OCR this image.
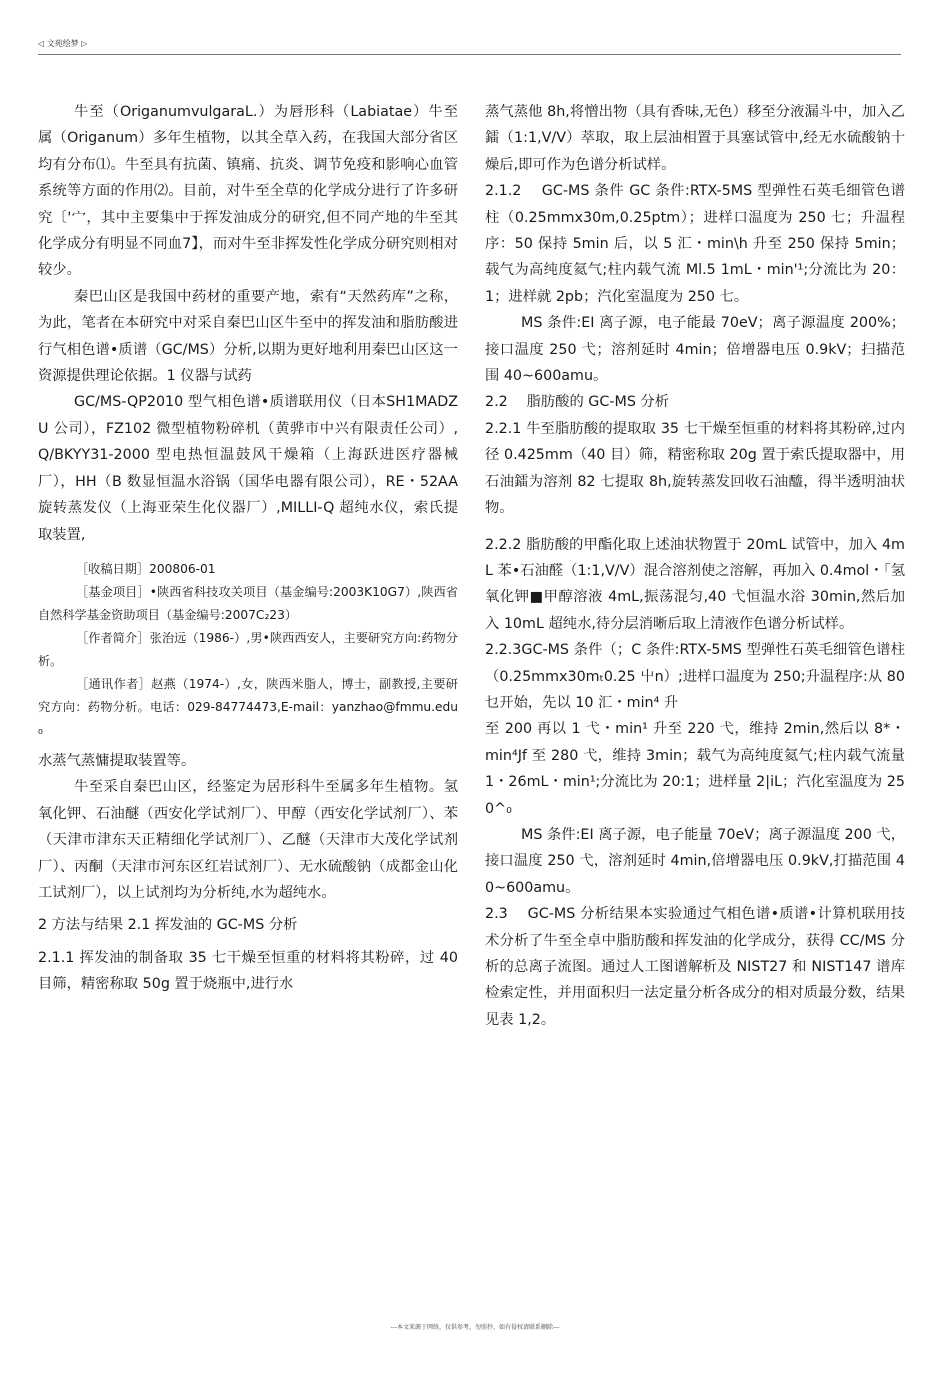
◁ 文苑绘梦 ▷

牛至（OriganumvulgaraL.）为唇形科（Labiatae）牛至属（Origanum）多年生植物，以其全草入药，在我国大部分省区均有分布⑴。牛至具有抗菌、镇痛、抗炎、调节免疫和影响心血管系统等方面的作用⑵。目前，对牛至全草的化学成分进行了许多研究〔'宀，其中主要集中于挥发油成分的研究,但不同产地的牛至其化学成分有明显不同血7】，而对牛至非挥发性化学成分研究则相对较少。

秦巴山区是我国中药材的重要产地，索有“天然药库”之称，为此，笔者在本研究中对采自秦巴山区牛至中的挥发油和脂肪酸进行气相色谱•质谱（GC/MS）分析,以期为更好地利用秦巴山区这一资源提供理论依据。1 仪器与试药

GC/MS-QP2010 型气相色谱•质谱联用仪（日本SH1MADZU 公司），FZ102 微型植物粉碎机（黄骅市中兴有限责任公司）,Q/BKYY31-2000 型电热恒温鼓风干燥箱（上海跃进医疗器械厂），HH（B 数显恒温水浴锅（国华电器有限公司），RE・52AA 旋转蒸发仪（上海亚荣生化仪器厂）,MILLI-Q 超纯水仪，索氏提取装置,

［收稿日期］200806-01

［基金项目］•陕西省科技攻关项目（基金编号:2003K10G7）,陕西省自然科学基金资助项目（基金编号:2007C₂23）

［作者简介］张治远（1986-）,男•陕西西安人，主要研究方向:药物分析。

［通讯作者］赵燕（1974-）,女，陕西米脂人，博士，副教授,主要研究方向：药物分析。电话：029-84774473,E-mail：yanzhao@fmmu.edu₀

水蒸气蒸慵提取装置等。

牛至采自秦巴山区，经鉴定为居形科牛至属多年生植物。氢氧化钾、石油醚（西安化学试剂厂）、甲醇（西安化学试剂厂）、苯（天津市津东天正精细化学试剂厂）、乙醚（天津市大茂化学试剂厂）、丙酮（天津市河东区红岩试剂厂）、无水硫酸钠（成都金山化工试剂厂），以上试剂均为分析纯,水为超纯水。

2 方法与结果 2.1 挥发油的 GC-MS 分析

2.1.1 挥发油的制备取 35 七干燥至恒重的材料将其粉碎，过 40 目筛，精密称取 50g 置于烧瓶中,进行水

蒸气蒸他 8h,将憎出物（具有香味,无色）移至分液漏斗中，加入乙鐳（1:1,V/V）萃取，取上层油相置于具塞试管中,经无水硫酸钠十燥后,即可作为色谱分析试样。

2.1.2　 GC-MS 条件 GC 条件:RTX-5MS 型弹性石英毛细管色谱柱（0.25mmx30m,0.25ptm）；进样口温度为 250 七；升温程序：50 保持 5min 后，以 5 汇・min\h 升至 250 保持 5min；载气为高纯度氦气;柱内载气流 Ml.5 1mL・min'¹;分流比为 20：1；进样就 2pb；汽化室温度为 250 七。

MS 条件:EI 离子源，电子能最 70eV；离子源温度 200%；接口温度 250 弋；溶剂延时 4min；倍增器电压 0.9kV；扫描范围 40~600amu。

2.2　 脂肪酸的 GC-MS 分析

2.2.1 牛至脂肪酸的提取取 35 七干燥至恒重的材料将其粉碎,过内径 0.425mm（40 目）筛，精密称取 20g 置于索氏提取器中，用石油鐳为溶剂 82 七提取 8h,旋转蒸发回收石油醯，得半透明油状物。

2.2.2 脂肪酸的甲酯化取上述油状物置于 20mL 试管中，加入 4mL 苯•石油醛（1:1,V/V）混合溶剂使之溶解，再加入 0.4mol・「氢氧化钾■甲醇溶液 4mL,振荡混匀,40 弋恒温水浴 30min,然后加入 10mL 超纯水,待分层消晰后取上清液作色谱分析试样。

2.2.3GC-MS 条件（；C 条件:RTX-5MS 型弹性石英毛细管色谱柱（0.25mmx30mₜ0.25 屮n）;进样口温度为 250;升温程序:从 80 乜开始，先以 10 汇・min⁴ 升

至 200 再以 1 弋・min¹ 升至 220 弋，维持 2min,然后以 8*・min⁴Jf 至 280 弋，维持 3min；载气为高纯度氦气;柱内载气流量 1・26mL・min¹;分流比为 20:1；进样量 2|iL；汽化室温度为 250^₀

MS 条件:EI 离子源，电子能量 70eV；离子源温度 200 弋，接口温度 250 弋，溶剂延时 4min,倍增器电压 0.9kV,打描范围 40~600amu。

2.3　 GC-MS 分析结果本实验通过气相色谱•质谱•计算机联用技术分析了牛至全卓中脂肪酸和挥发油的化学成分，获得 CC/MS 分析的总离子流图。通过人工图谱解析及 NIST27 和 NIST147 谱库检索定性，并用面积归一法定量分析各成分的相对质最分数，结果见表 1,2。

---本文来源于网络，仅供参考，勿照抄，如有侵权请联系删除---
